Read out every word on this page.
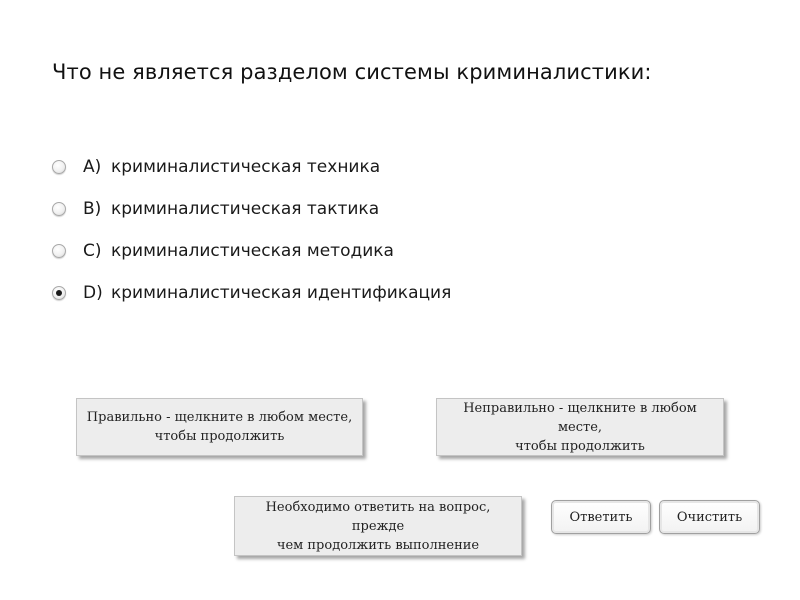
Что не является разделом системы криминалистики:
A) криминалистическая техника
B) криминалистическая тактика
C) криминалистическая методика
D) криминалистическая идентификация
Правильно - щелкните в любом месте,
чтобы продолжить
Неправильно - щелкните в любом месте,
чтобы продолжить
Необходимо ответить на вопрос, прежде
чем продолжить выполнение
Ответить	Очистить
